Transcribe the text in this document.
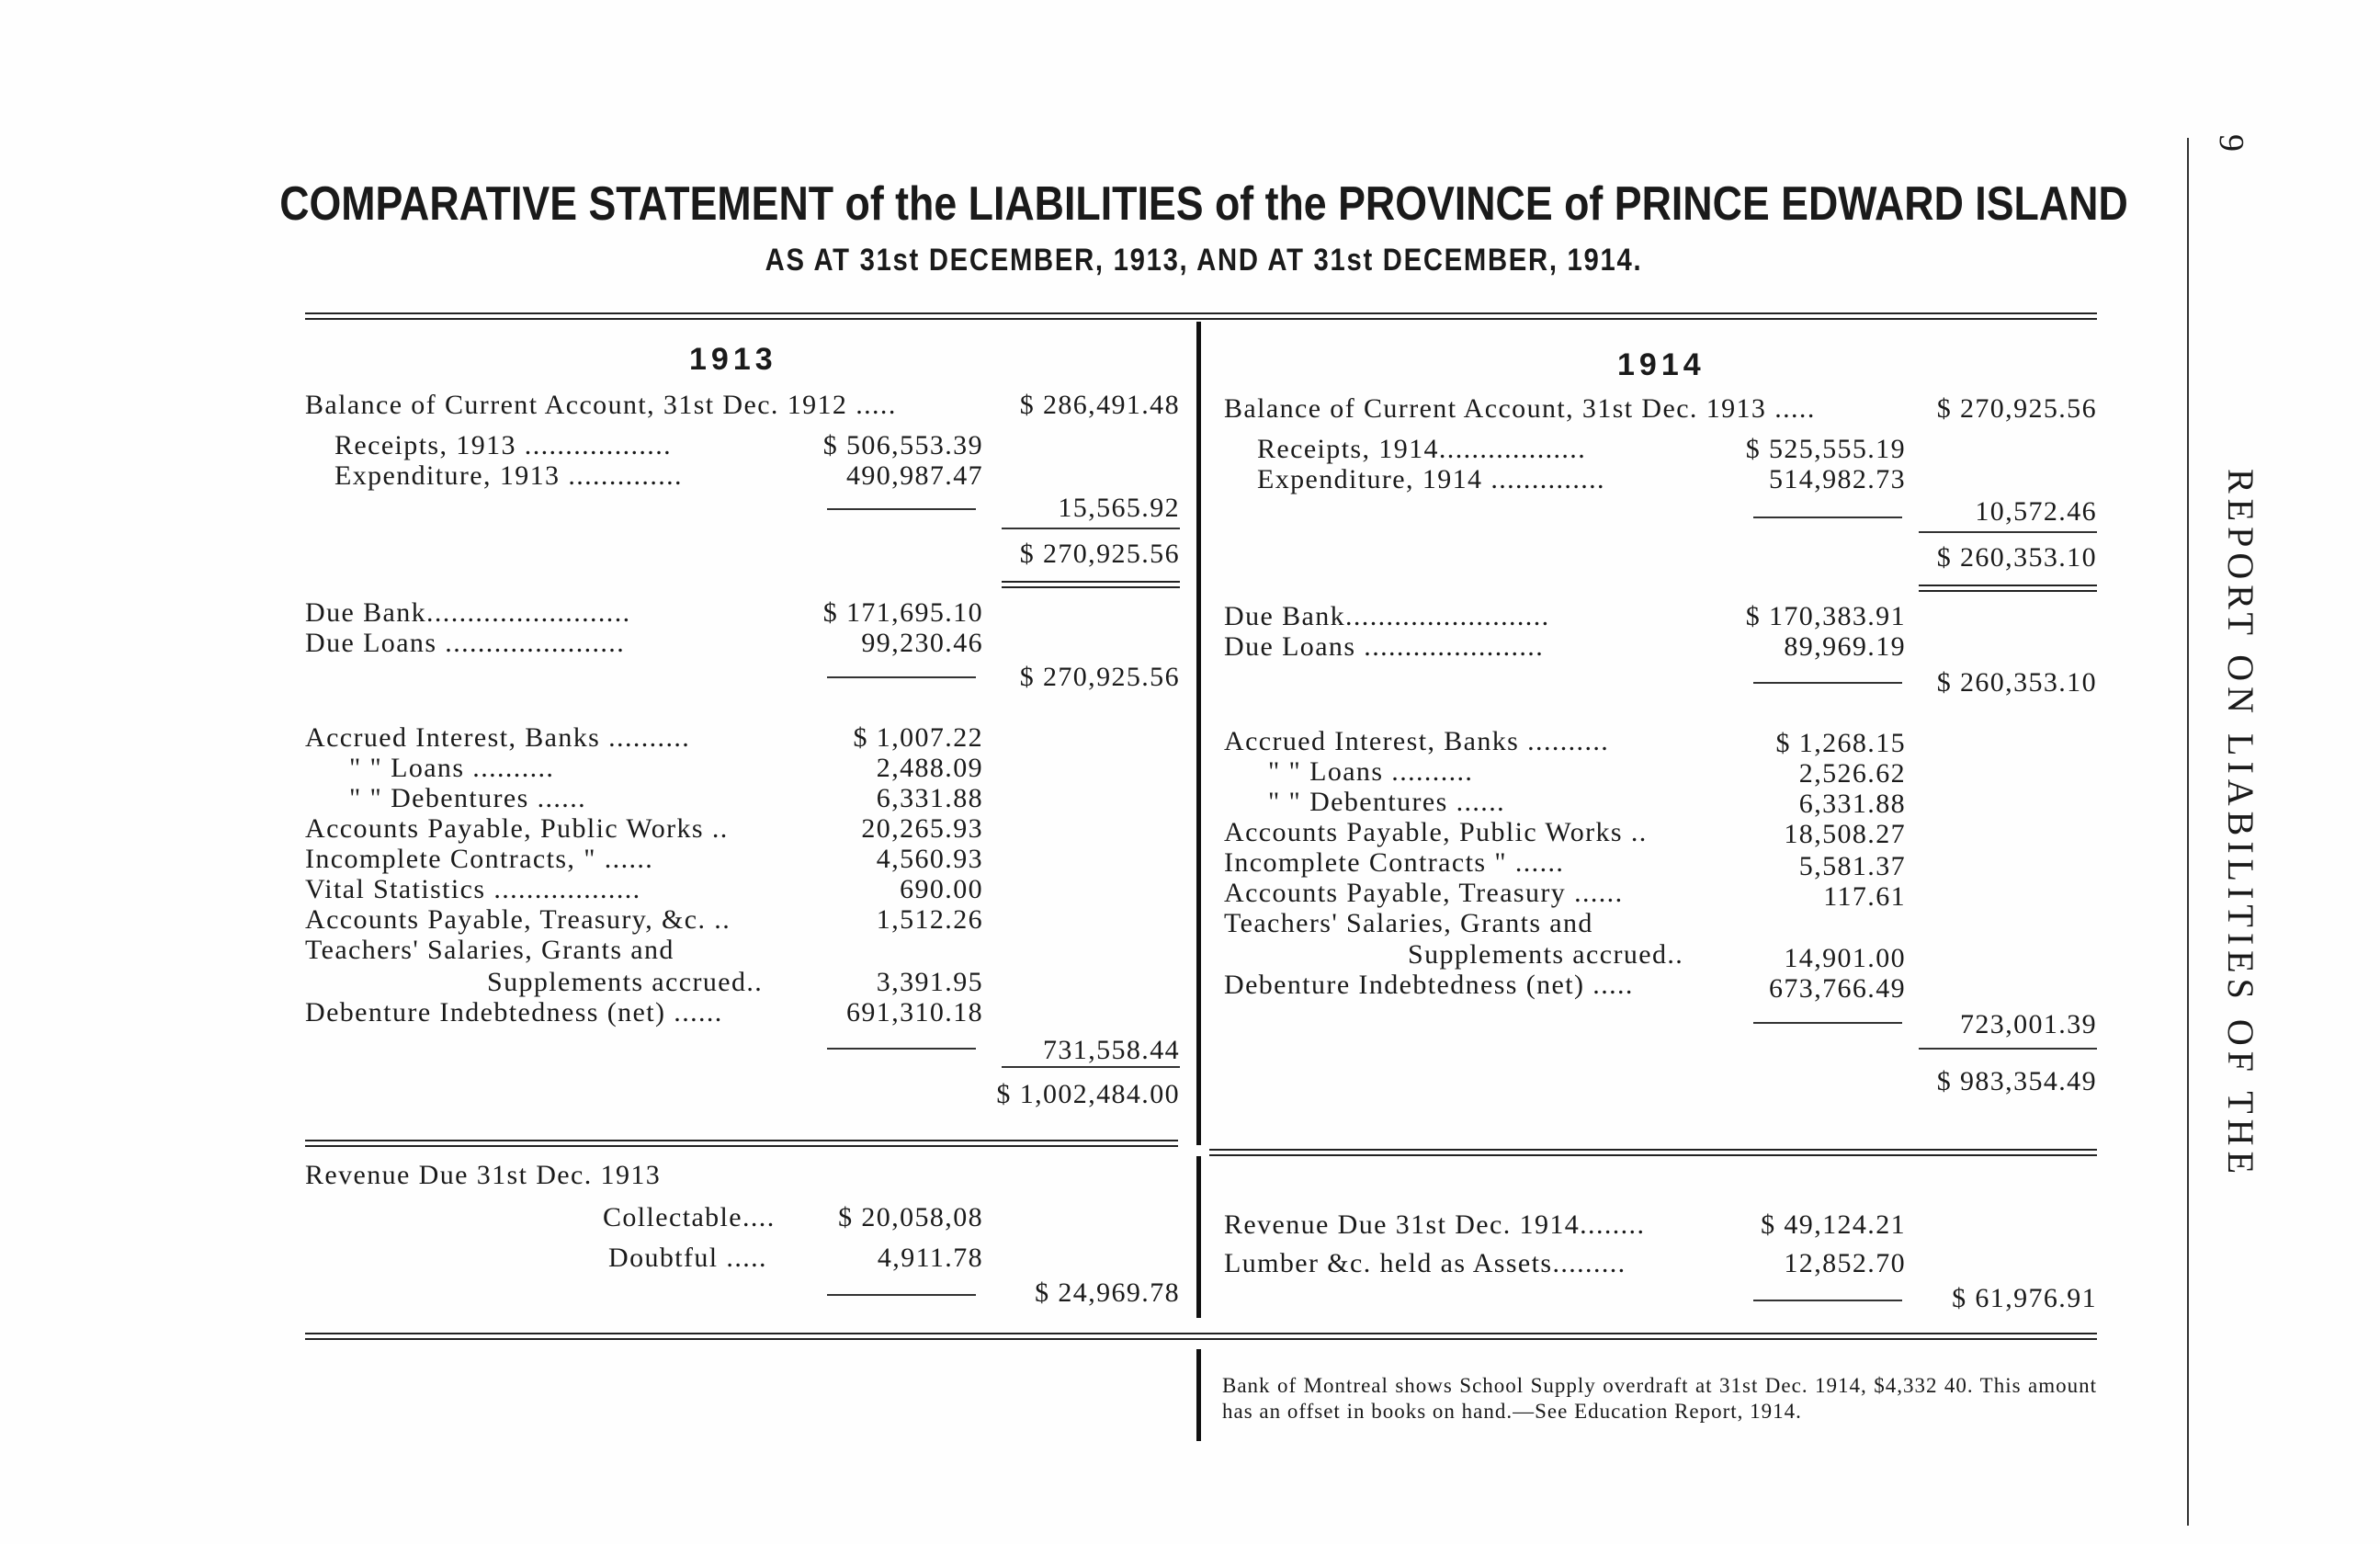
COMPARATIVE STATEMENT of the LIABILITIES of the PROVINCE of PRINCE EDWARD ISLAND
AS AT 31st DECEMBER, 1913, AND AT 31st DECEMBER, 1914.
9
REPORT ON LIABILITIES OF THE
1913
Balance of Current Account, 31st Dec. 1912 .....	$ 286,491.48
Receipts, 1913 ..................	$ 506,553.39
Expenditure, 1913 ..............	490,987.47
15,565.92
$ 270,925.56
Due Bank.........................	$ 171,695.10
Due Loans ......................	99,230.46
$ 270,925.56
Accrued Interest, Banks ..........	$ 1,007.22
" " Loans ..........	2,488.09
" " Debentures ......	6,331.88
Accounts Payable, Public Works ..	20,265.93
Incomplete Contracts, " ......	4,560.93
Vital Statistics ..................	690.00
Accounts Payable, Treasury, &c. ..	1,512.26
Teachers' Salaries, Grants and
Supplements accrued..	3,391.95
Debenture Indebtedness (net) ......	691,310.18
731,558.44
$ 1,002,484.00
1914
Balance of Current Account, 31st Dec. 1913 .....	$ 270,925.56
Receipts, 1914..................	$ 525,555.19
Expenditure, 1914 ..............	514,982.73
10,572.46
$ 260,353.10
Due Bank.........................	$ 170,383.91
Due Loans ......................	89,969.19
$ 260,353.10
Accrued Interest, Banks ..........	$ 1,268.15
" " Loans ..........	2,526.62
" " Debentures ......	6,331.88
Accounts Payable, Public Works ..	18,508.27
Incomplete Contracts " ......	5,581.37
Accounts Payable, Treasury ......	117.61
Teachers' Salaries, Grants and
Supplements accrued..	14,901.00
Debenture Indebtedness (net) .....	673,766.49
723,001.39
$ 983,354.49
Revenue Due 31st Dec. 1913
Collectable....	$ 20,058,08
Doubtful .....	4,911.78
$ 24,969.78
Revenue Due 31st Dec. 1914........	$ 49,124.21
Lumber &c. held as Assets.........	12,852.70
$ 61,976.91
Bank of Montreal shows School Supply overdraft at 31st Dec. 1914, $4,332 40. This amount has an offset in books on hand.—See Education Report, 1914.
